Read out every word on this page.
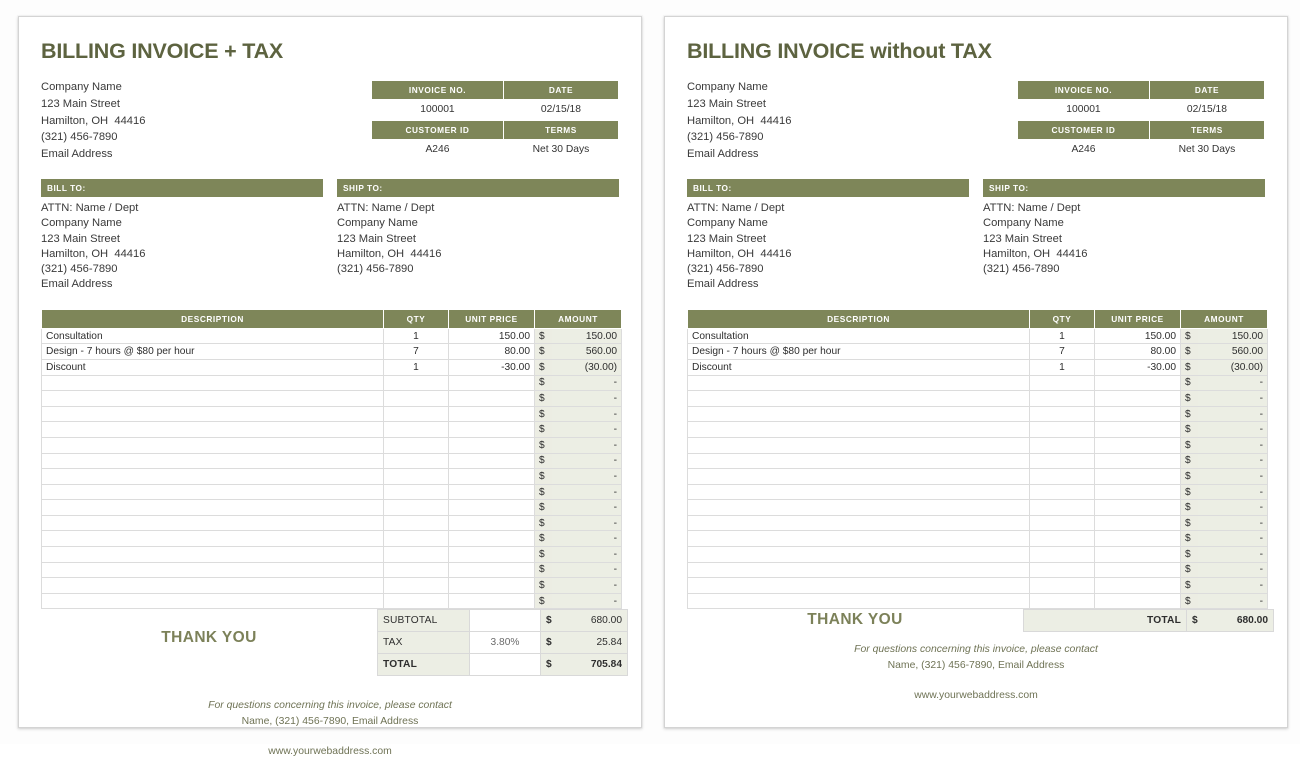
BILLING INVOICE + TAX
Company Name
123 Main Street
Hamilton, OH  44416
(321) 456-7890
Email Address
INVOICE NO.	DATE
100001	02/15/18
CUSTOMER ID	TERMS
A246	Net 30 Days
BILL TO:
ATTN: Name / Dept
Company Name
123 Main Street
Hamilton, OH  44416
(321) 456-7890
Email Address
SHIP TO:
ATTN: Name / Dept
Company Name
123 Main Street
Hamilton, OH  44416
(321) 456-7890
DESCRIPTION	QTY	UNIT PRICE	AMOUNT	
Consultation	1	150.00	$	150.00
Design - 7 hours @ $80 per hour	7	80.00	$	560.00
Discount	1	-30.00	$	(30.00)
			$	-
			$	-
			$	-
			$	-
			$	-
			$	-
			$	-
			$	-
			$	-
			$	-
			$	-
			$	-
			$	-
			$	-
			$	-
THANK YOU
SUBTOTAL		$	680.00
TAX	3.80%	$	25.84
TOTAL		$	705.84
For questions concerning this invoice, please contact
Name, (321) 456-7890, Email Address
www.yourwebaddress.com
BILLING INVOICE without TAX
Company Name
123 Main Street
Hamilton, OH  44416
(321) 456-7890
Email Address
INVOICE NO.	DATE
100001	02/15/18
CUSTOMER ID	TERMS
A246	Net 30 Days
BILL TO:
ATTN: Name / Dept
Company Name
123 Main Street
Hamilton, OH  44416
(321) 456-7890
Email Address
SHIP TO:
ATTN: Name / Dept
Company Name
123 Main Street
Hamilton, OH  44416
(321) 456-7890
DESCRIPTION	QTY	UNIT PRICE	AMOUNT	
Consultation	1	150.00	$	150.00
Design - 7 hours @ $80 per hour	7	80.00	$	560.00
Discount	1	-30.00	$	(30.00)
			$	-
			$	-
			$	-
			$	-
			$	-
			$	-
			$	-
			$	-
			$	-
			$	-
			$	-
			$	-
			$	-
			$	-
			$	-
THANK YOU	TOTAL	$	680.00
For questions concerning this invoice, please contact
Name, (321) 456-7890, Email Address
www.yourwebaddress.com
